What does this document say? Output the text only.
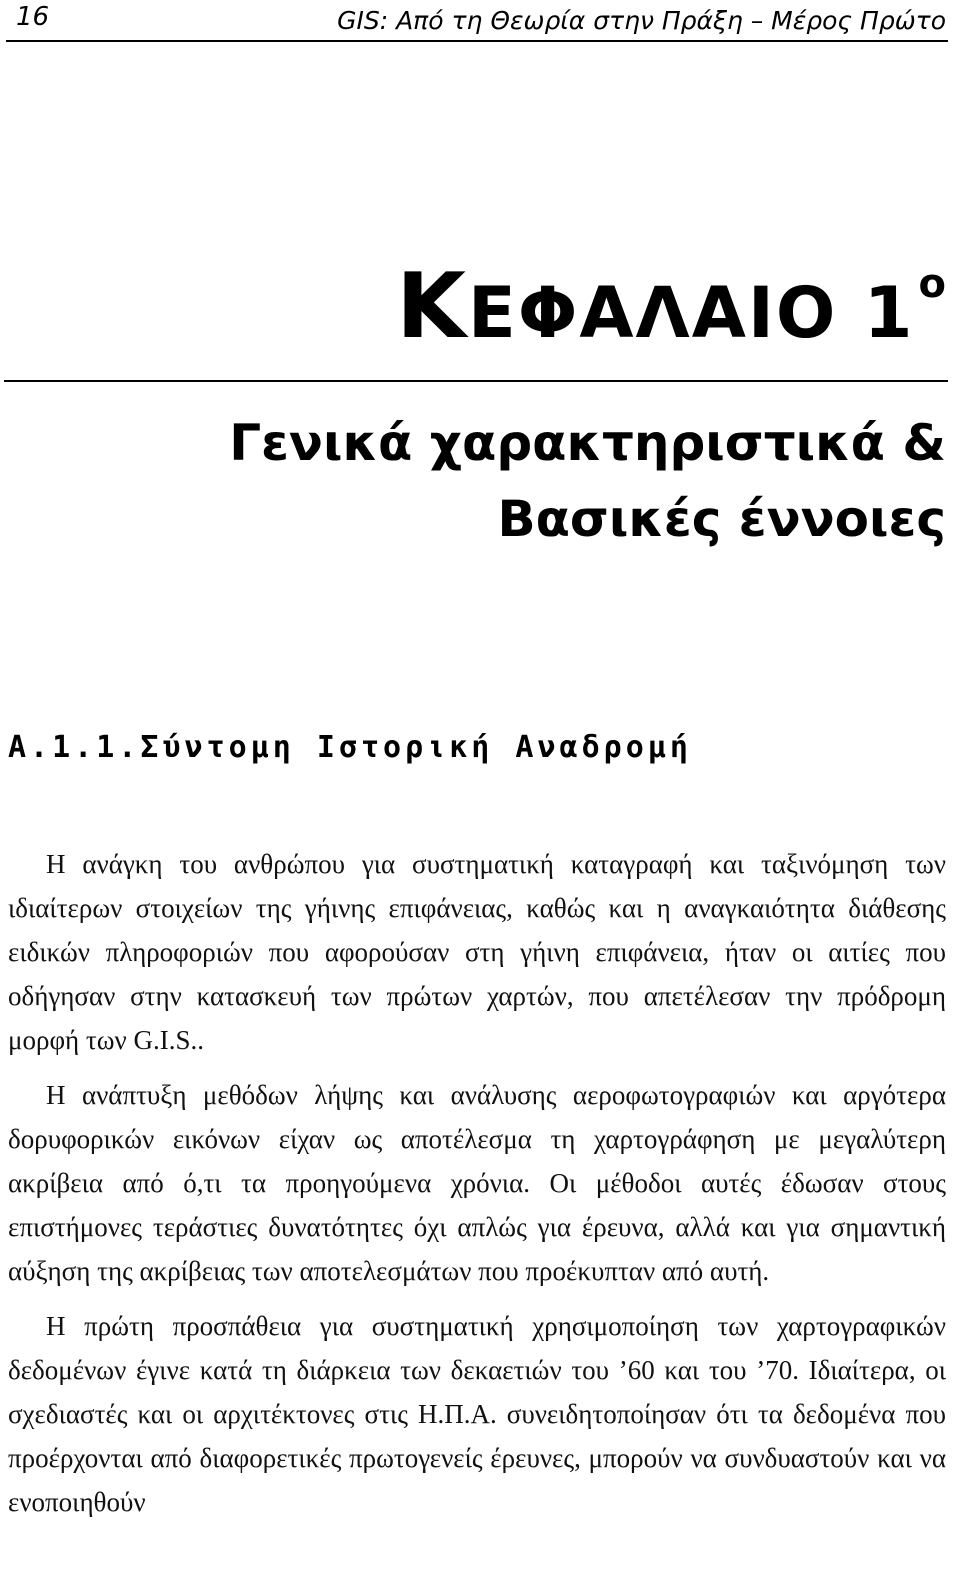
16	GIS: Από τη Θεωρία στην Πράξη – Μέρος Πρώτο
ΚΕΦΑΛΑΙΟ 1 $^o$
Γενικά χαρακτηριστικά & Βασικές έννοιες
Α.1.1.Σύντομη Ιστορική Αναδρομή

Η ανάγκη του ανθρώπου για συστηματική καταγραφή και ταξινόμηση των ιδιαίτερων στοιχείων της γήινης επιφάνειας, καθώς και η αναγκαιότητα διάθεσης ειδικών πληροφοριών που αφορούσαν στη γήινη επιφάνεια, ήταν οι αιτίες που οδήγησαν στην κατασκευή των πρώτων χαρτών, που απετέλεσαν την πρόδρομη μορφή των G.I.S..

Η ανάπτυξη μεθόδων λήψης και ανάλυσης αεροφωτογραφιών και αργότερα δορυφορικών εικόνων είχαν ως αποτέλεσμα τη χαρτογράφηση με μεγαλύτερη ακρίβεια από ό,τι τα προηγούμενα χρόνια. Οι μέθοδοι αυτές έδωσαν στους επιστήμονες τεράστιες δυνατότητες όχι απλώς για έρευνα, αλλά και για σημαντική αύξηση της ακρίβειας των αποτελεσμάτων που προέκυπταν από αυτή.

Η πρώτη προσπάθεια για συστηματική χρησιμοποίηση των χαρτογραφικών δεδομένων έγινε κατά τη διάρκεια των δεκαετιών του ’60 και του ’70. Ιδιαίτερα, οι σχεδιαστές και οι αρχιτέκτονες στις Η.Π.Α. συνειδητοποίησαν ότι τα δεδομένα που προέρχονται από διαφορετικές πρωτογενείς έρευνες, μπορούν να συνδυαστούν και να ενοποιηθούν
